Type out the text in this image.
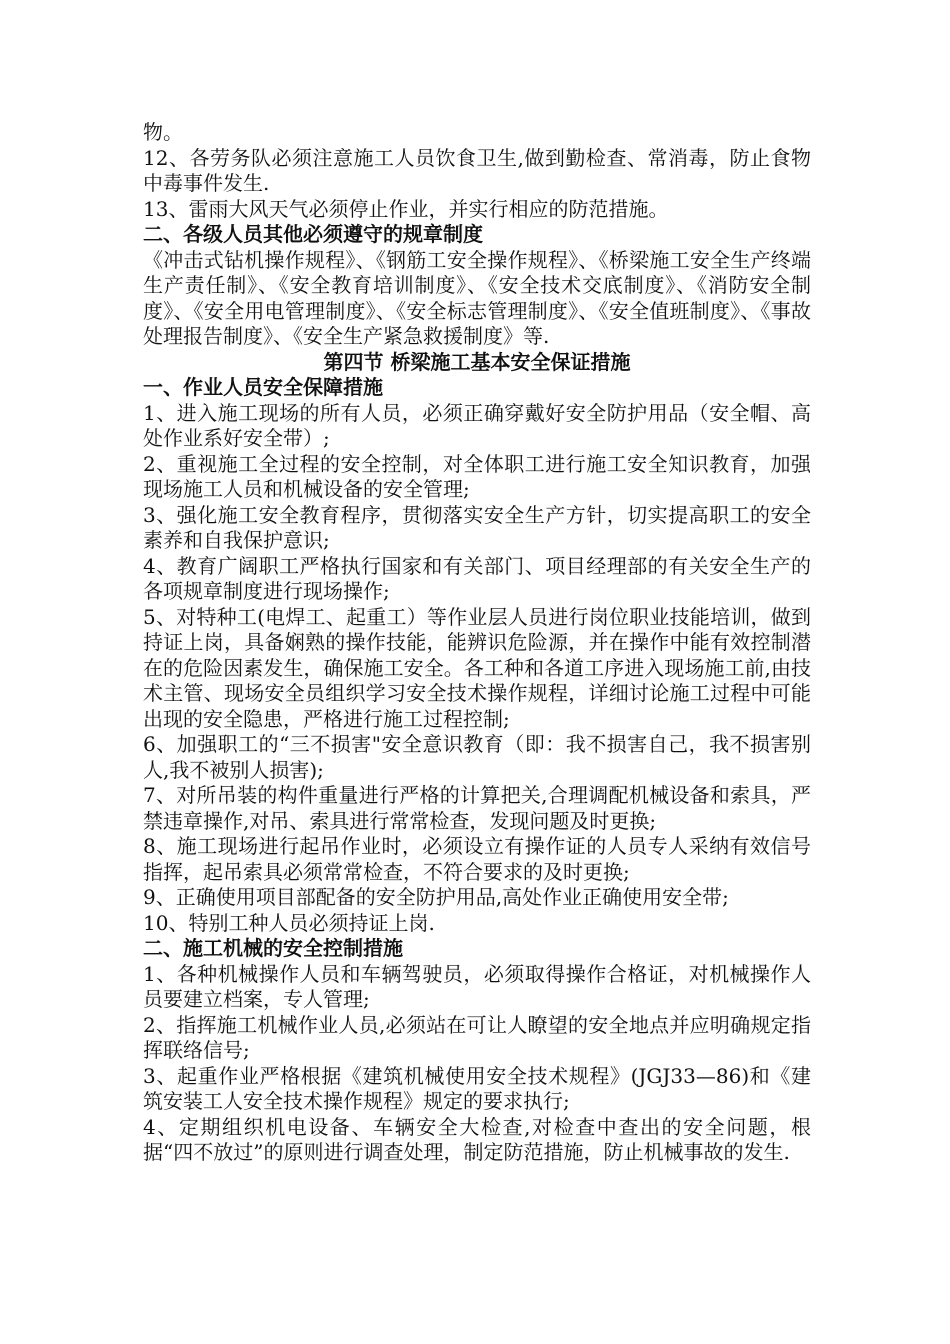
物。

12、各劳务队必须注意施工人员饮食卫生,做到勤检查、常消毒，防止食物中毒事件发生.

13、雷雨大风天气必须停止作业，并实行相应的防范措施。

二、各级人员其他必须遵守的规章制度

《冲击式钻机操作规程》、《钢筋工安全操作规程》、《桥梁施工安全生产终端生产责任制》、《安全教育培训制度》、《安全技术交底制度》、《消防安全制度》、《安全用电管理制度》、《安全标志管理制度》、《安全值班制度》、《事故处理报告制度》、《安全生产紧急救援制度》等.

第四节 桥梁施工基本安全保证措施

一、作业人员安全保障措施

1、进入施工现场的所有人员，必须正确穿戴好安全防护用品（安全帽、高处作业系好安全带）;

2、重视施工全过程的安全控制，对全体职工进行施工安全知识教育，加强现场施工人员和机械设备的安全管理;

3、强化施工安全教育程序，贯彻落实安全生产方针，切实提高职工的安全素养和自我保护意识;

4、教育广阔职工严格执行国家和有关部门、项目经理部的有关安全生产的各项规章制度进行现场操作;

5、对特种工(电焊工、起重工）等作业层人员进行岗位职业技能培训，做到持证上岗，具备娴熟的操作技能，能辨识危险源，并在操作中能有效控制潜在的危险因素发生，确保施工安全。各工种和各道工序进入现场施工前,由技术主管、现场安全员组织学习安全技术操作规程，详细讨论施工过程中可能出现的安全隐患，严格进行施工过程控制;

6、加强职工的“三不损害"安全意识教育（即：我不损害自己，我不损害别人,我不被别人损害);

7、对所吊装的构件重量进行严格的计算把关,合理调配机械设备和索具，严禁违章操作,对吊、索具进行常常检查，发现问题及时更换;

8、施工现场进行起吊作业时，必须设立有操作证的人员专人采纳有效信号指挥，起吊索具必须常常检查，不符合要求的及时更换;

9、正确使用项目部配备的安全防护用品,高处作业正确使用安全带;

10、特别工种人员必须持证上岗.

二、施工机械的安全控制措施

1、各种机械操作人员和车辆驾驶员，必须取得操作合格证，对机械操作人员要建立档案，专人管理;

2、指挥施工机械作业人员,必须站在可让人瞭望的安全地点并应明确规定指挥联络信号;

3、起重作业严格根据《建筑机械使用安全技术规程》(JGJ33—86)和《建筑安装工人安全技术操作规程》规定的要求执行;

4、定期组织机电设备、车辆安全大检查,对检查中查出的安全问题，根据“四不放过”的原则进行调查处理，制定防范措施，防止机械事故的发生.
